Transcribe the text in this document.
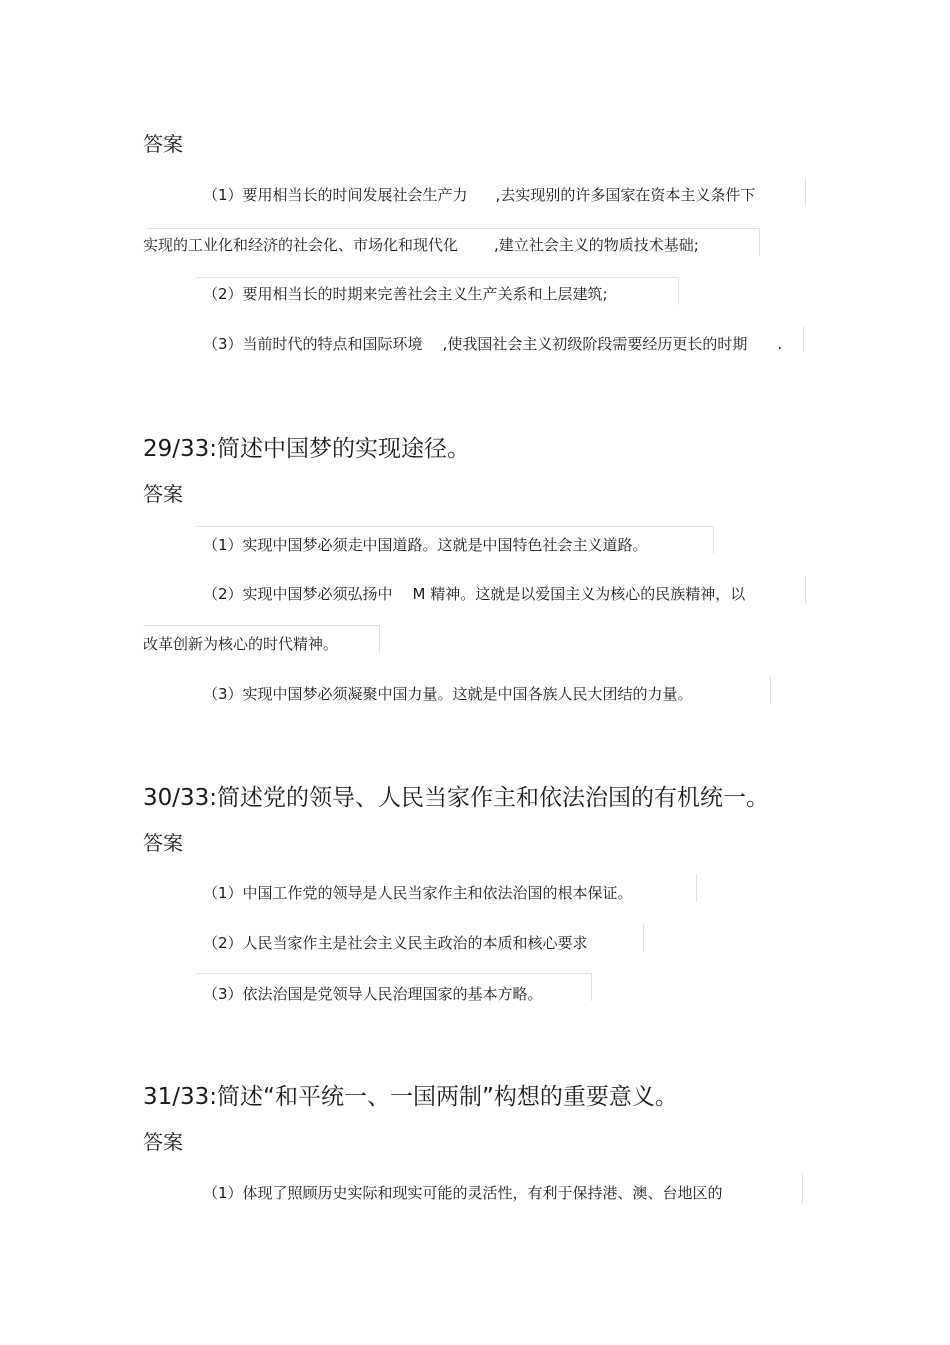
答案
（1）要用相当长的时间发展社会生产力 ,去实现别的许多国家在资本主义条件下
实现的工业化和经济的社会化、市场化和现代化 ,建立社会主义的物质技术基础;
（2）要用相当长的时期来完善社会主义生产关系和上层建筑;
（3）当前时代的特点和国际环境 ,使我国社会主义初级阶段需要经历更长的时期 .
29/33:简述中国梦的实现途径。
答案
（1）实现中国梦必须走中国道路。这就是中国特色社会主义道路。
（2）实现中国梦必须弘扬中 M 精神。这就是以爱国主义为核心的民族精神，以
改革创新为核心的时代精神。
（3）实现中国梦必须凝聚中国力量。这就是中国各族人民大团结的力量。
30/33:简述党的领导、人民当家作主和依法治国的有机统一。
答案
（1）中国工作党的领导是人民当家作主和依法治国的根本保证。
（2）人民当家作主是社会主义民主政治的本质和核心要求
（3）依法治国是党领导人民治理国家的基本方略。
31/33:简述“和平统一、一国两制”构想的重要意义。
答案
（1）体现了照顾历史实际和现实可能的灵活性，有利于保持港、澳、台地区的
